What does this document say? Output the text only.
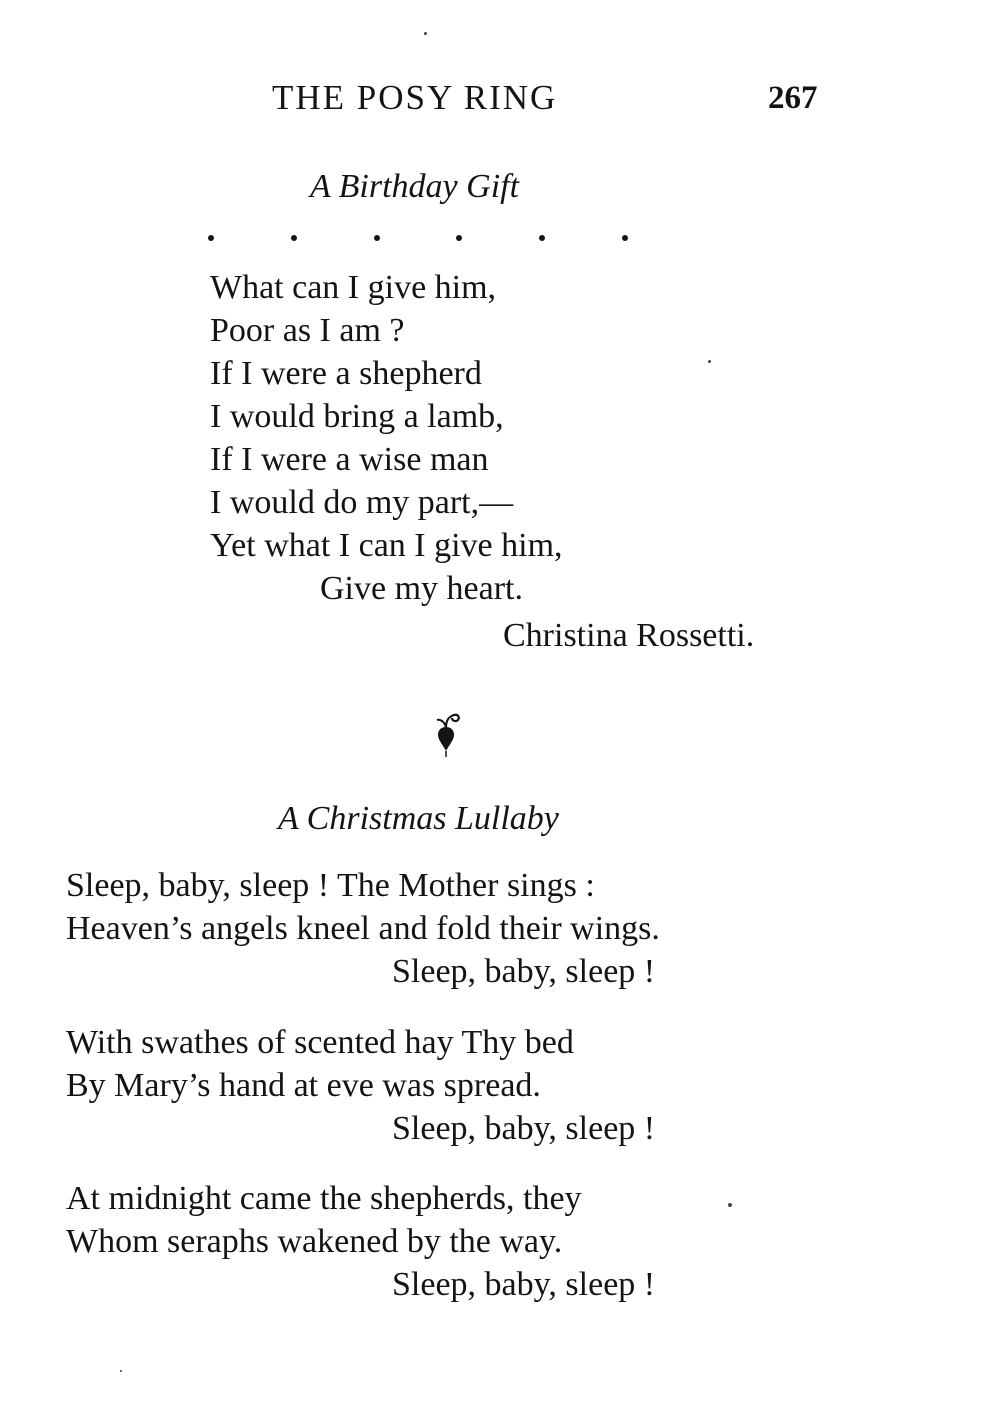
THE POSY RING	267
A Birthday Gift
What can I give him,
Poor as I am ?
If I were a shepherd
I would bring a lamb,
If I were a wise man
I would do my part,—
Yet what I can I give him,
Give my heart.
Christina Rossetti.
A Christmas Lullaby
Sleep, baby, sleep ! The Mother sings :
Heaven’s angels kneel and fold their wings.
Sleep, baby, sleep !
With swathes of scented hay Thy bed
By Mary’s hand at eve was spread.
Sleep, baby, sleep !
At midnight came the shepherds, they
Whom seraphs wakened by the way.
Sleep, baby, sleep !
